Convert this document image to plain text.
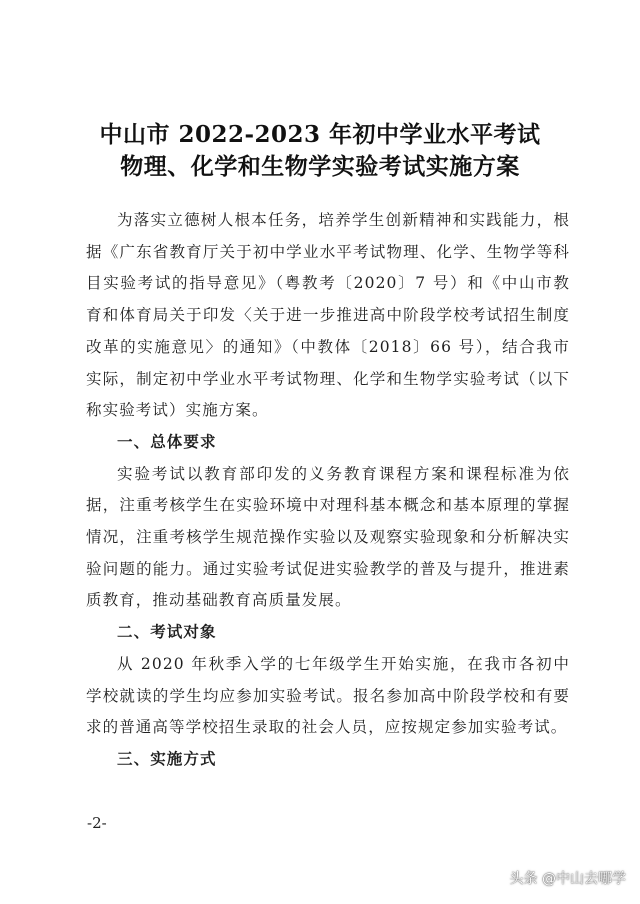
中山市 2022-2023 年初中学业水平考试
物理、化学和生物学实验考试实施方案

为落实立德树人根本任务，培养学生创新精神和实践能力，根据《广东省教育厅关于初中学业水平考试物理、化学、生物学等科目实验考试的指导意见》（粤教考〔2020〕7 号）和《中山市教育和体育局关于印发〈关于进一步推进高中阶段学校考试招生制度改革的实施意见〉的通知》（中教体〔2018〕66 号），结合我市实际，制定初中学业水平考试物理、化学和生物学实验考试（以下称实验考试）实施方案。

一、总体要求

实验考试以教育部印发的义务教育课程方案和课程标准为依据，注重考核学生在实验环境中对理科基本概念和基本原理的掌握情况，注重考核学生规范操作实验以及观察实验现象和分析解决实验问题的能力。通过实验考试促进实验教学的普及与提升，推进素质教育，推动基础教育高质量发展。

二、考试对象

从 2020 年秋季入学的七年级学生开始实施，在我市各初中学校就读的学生均应参加实验考试。报名参加高中阶段学校和有要求的普通高等学校招生录取的社会人员，应按规定参加实验考试。

三、实施方式

-2-
头条 @中山去哪学
